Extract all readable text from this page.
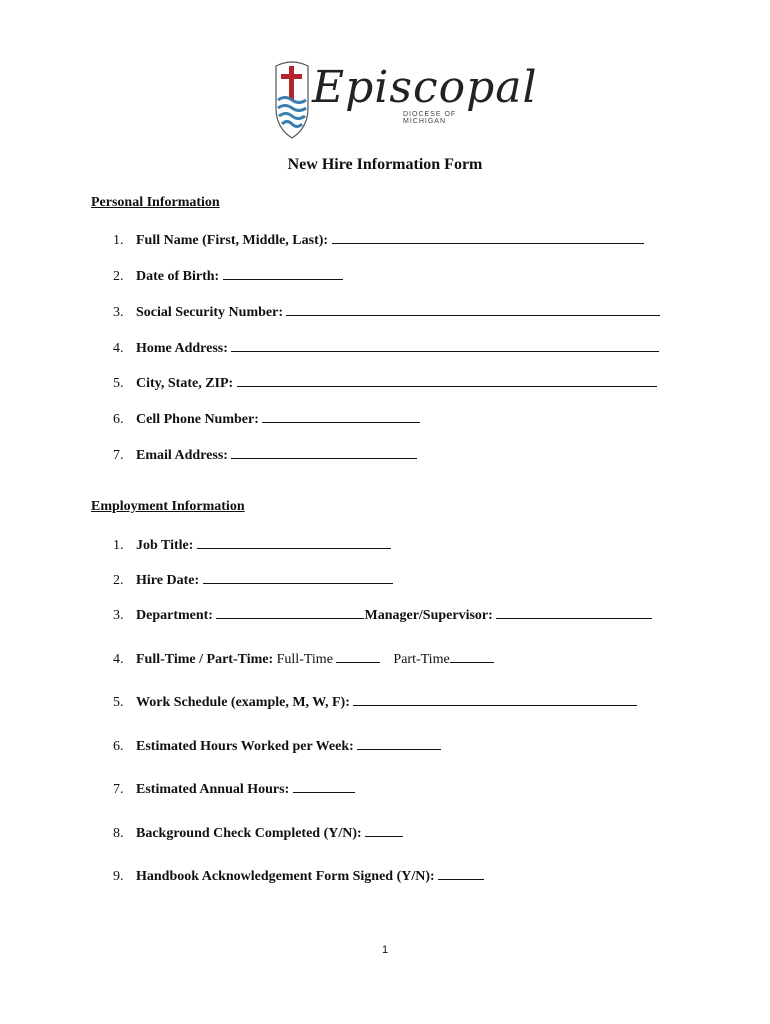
Episcopal
DIOCESE OF MICHIGAN
New Hire Information Form
Personal Information
1. Full Name (First, Middle, Last):
2. Date of Birth:
3. Social Security Number:
4. Home Address:
5. City, State, ZIP:
6. Cell Phone Number:
7. Email Address:
Employment Information
1. Job Title:
2. Hire Date:
3. Department:	Manager/Supervisor:
4. Full-Time / Part-Time: Full-Time	Part-Time
5. Work Schedule (example, M, W, F):
6. Estimated Hours Worked per Week:
7. Estimated Annual Hours:
8. Background Check Completed (Y/N):
9. Handbook Acknowledgement Form Signed (Y/N):
1
